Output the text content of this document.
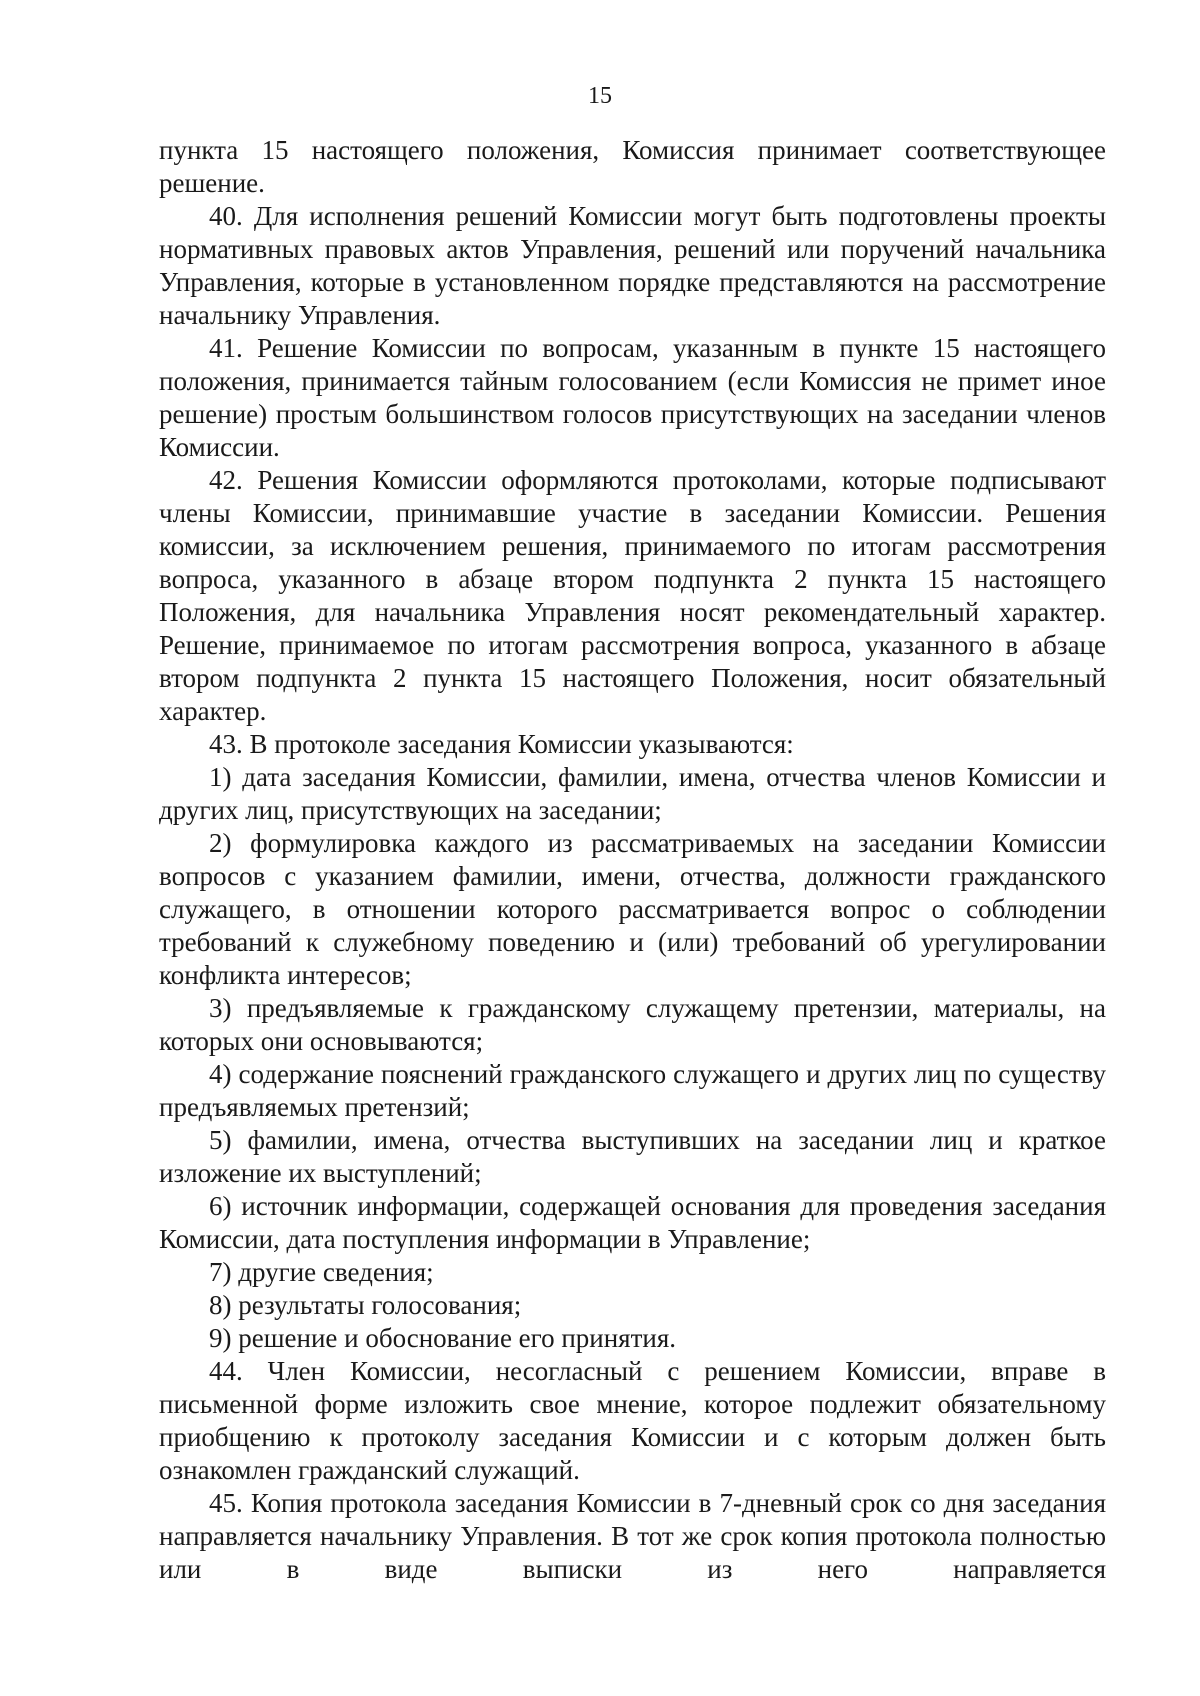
15

пункта 15 настоящего положения, Комиссия принимает соответствующее решение.

40. Для исполнения решений Комиссии могут быть подготовлены проекты нормативных правовых актов Управления, решений или поручений начальника Управления, которые в установленном порядке представляются на рассмотрение начальнику Управления.

41. Решение Комиссии по вопросам, указанным в пункте 15 настоящего положения, принимается тайным голосованием (если Комиссия не примет иное решение) простым большинством голосов присутствующих на заседании членов Комиссии.

42. Решения Комиссии оформляются протоколами, которые подписывают члены Комиссии, принимавшие участие в заседании Комиссии. Решения комиссии, за исключением решения, принимаемого по итогам рассмотрения вопроса, указанного в абзаце втором подпункта 2 пункта 15 настоящего Положения, для начальника Управления носят рекомендательный характер. Решение, принимаемое по итогам рассмотрения вопроса, указанного в абзаце втором подпункта 2 пункта 15 настоящего Положения, носит обязательный характер.

43. В протоколе заседания Комиссии указываются:

1) дата заседания Комиссии, фамилии, имена, отчества членов Комиссии и других лиц, присутствующих на заседании;

2) формулировка каждого из рассматриваемых на заседании Комиссии вопросов с указанием фамилии, имени, отчества, должности гражданского служащего, в отношении которого рассматривается вопрос о соблюдении требований к служебному поведению и (или) требований об урегулировании конфликта интересов;

3) предъявляемые к гражданскому служащему претензии, материалы, на которых они основываются;

4) содержание пояснений гражданского служащего и других лиц по существу предъявляемых претензий;

5) фамилии, имена, отчества выступивших на заседании лиц и краткое изложение их выступлений;

6) источник информации, содержащей основания для проведения заседания Комиссии, дата поступления информации в Управление;

7) другие сведения;

8) результаты голосования;

9) решение и обоснование его принятия.

44. Член Комиссии, несогласный с решением Комиссии, вправе в письменной форме изложить свое мнение, которое подлежит обязательному приобщению к протоколу заседания Комиссии и с которым должен быть ознакомлен гражданский служащий.

45. Копия протокола заседания Комиссии в 7-дневный срок со дня заседания направляется начальнику Управления. В тот же срок копия протокола полностью или в виде выписки из него направляется
